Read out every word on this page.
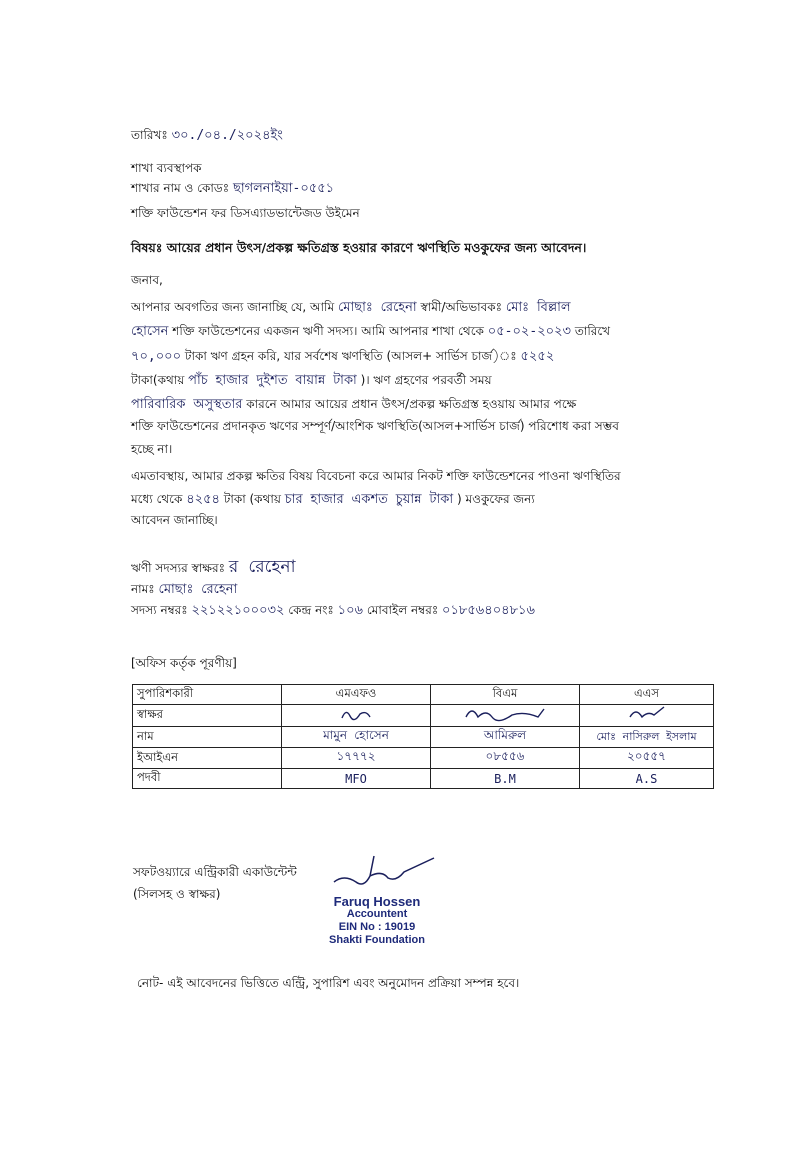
তারিখঃ ৩০./০৪./২০২৪ইং
শাখা ব্যবস্থাপক
শাখার নাম ও কোডঃ ছাগলনাইয়া-০৫৫১
শক্তি ফাউন্ডেশন ফর ডিসএ্যাডভান্টেজড উইমেন
বিষয়ঃ আয়ের প্রধান উৎস/প্রকল্প ক্ষতিগ্রস্ত হওয়ার কারণে ঋণস্থিতি মওকুফের জন্য আবেদন।
জনাব,
আপনার অবগতির জন্য জানাচ্ছি যে, আমি মোছাঃ রেহেনা স্বামী/অভিভাবকঃ মোঃ বিল্লাল
হোসেন শক্তি ফাউন্ডেশনের একজন ঋণী সদস্য। আমি আপনার শাখা থেকে ০৫-০২-২০২৩ তারিখে
৭০,০০০ টাকা ঋণ গ্রহন করি, যার সর্বশেষ ঋণস্থিতি (আসল+ সার্ভিস চার্জ)ঃ ৫২৫২
টাকা(কথায় পাঁচ হাজার দুইশত বায়ান্ন টাকা )। ঋণ গ্রহণের পরবর্তী সময়
পারিবারিক অসুস্থতার কারনে আমার আয়ের প্রধান উৎস/প্রকল্প ক্ষতিগ্রস্ত হওয়ায় আমার পক্ষে
শক্তি ফাউন্ডেশনের প্রদানকৃত ঋণের সম্পূর্ণ/আংশিক ঋণস্থিতি(আসল+সার্ভিস চার্জ) পরিশোধ করা সম্ভব
হচ্ছে না।
এমতাবস্থায়, আমার প্রকল্প ক্ষতির বিষয় বিবেচনা করে আমার নিকট শক্তি ফাউন্ডেশনের পাওনা ঋণস্থিতির
মধ্যে থেকে ৪২৫৪ টাকা (কথায় চার হাজার একশত চুয়ান্ন টাকা ) মওকুফের জন্য
আবেদন জানাচ্ছি।
ঋণী সদস্যর স্বাক্ষরঃ র রেহেনা
নামঃ মোছাঃ রেহেনা
সদস্য নম্বরঃ ২২১২২১০০০৩২ কেন্দ্র নংঃ ১০৬ মোবাইল নম্বরঃ ০১৮৫৬৪০৪৮১৬
[অফিস কর্তৃক পূরণীয়]
সুপারিশকারী	এমএফও	বিএম	এএস
স্বাক্ষর			
নাম	মামুন হোসেন	আমিরুল	মোঃ নাসিরুল ইসলাম
ইআইএন	১৭৭৭২	০৮৫৫৬	২০৫৫৭
পদবী	MFO	B.M	A.S
সফটওয়্যারে এন্ট্রিকারী একাউন্টেন্ট
(সিলসহ ও স্বাক্ষর)	Faruq Hossen
Accountent
EIN No : 19019
Shakti Foundation
নোট- এই আবেদনের ভিত্তিতে এন্ট্রি, সুপারিশ এবং অনুমোদন প্রক্রিয়া সম্পন্ন হবে।
